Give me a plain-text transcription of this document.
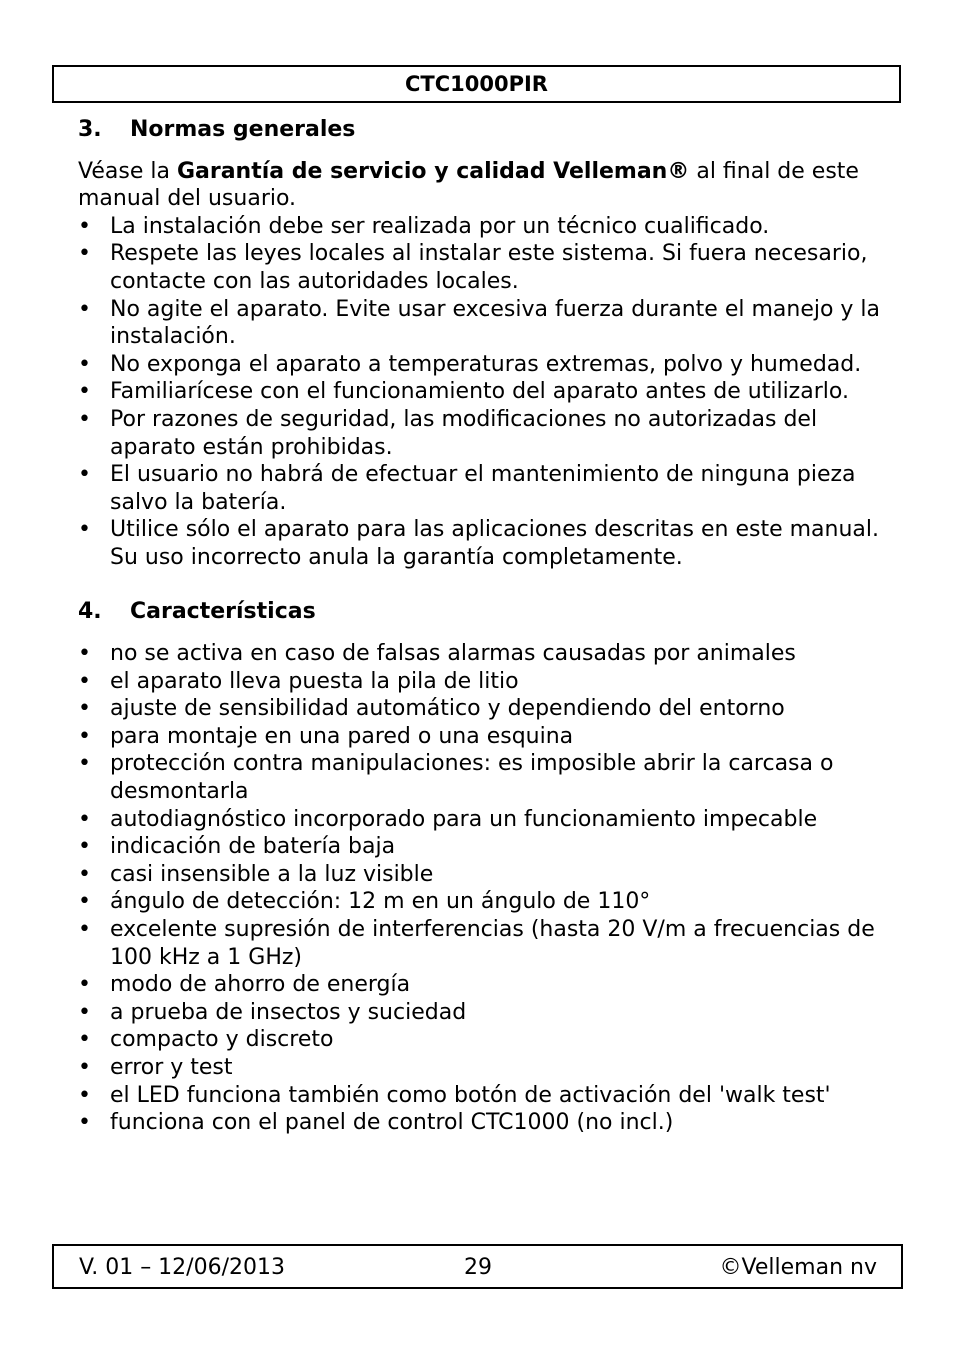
CTC1000PIR
3.	Normas generales

Véase la Garantía de servicio y calidad Velleman® al final de este manual del usuario.

• La instalación debe ser realizada por un técnico cualificado.
• Respete las leyes locales al instalar este sistema. Si fuera necesario, contacte con las autoridades locales.
• No agite el aparato. Evite usar excesiva fuerza durante el manejo y la instalación.
• No exponga el aparato a temperaturas extremas, polvo y humedad.
• Familiarícese con el funcionamiento del aparato antes de utilizarlo.
• Por razones de seguridad, las modificaciones no autorizadas del aparato están prohibidas.
• El usuario no habrá de efectuar el mantenimiento de ninguna pieza salvo la batería.
• Utilice sólo el aparato para las aplicaciones descritas en este manual. Su uso incorrecto anula la garantía completamente.
4.	Características
• no se activa en caso de falsas alarmas causadas por animales
• el aparato lleva puesta la pila de litio
• ajuste de sensibilidad automático y dependiendo del entorno
• para montaje en una pared o una esquina
• protección contra manipulaciones: es imposible abrir la carcasa o desmontarla
• autodiagnóstico incorporado para un funcionamiento impecable
• indicación de batería baja
• casi insensible a la luz visible
• ángulo de detección: 12 m en un ángulo de 110°
• excelente supresión de interferencias (hasta 20 V/m a frecuencias de 100 kHz a 1 GHz)
• modo de ahorro de energía
• a prueba de insectos y suciedad
• compacto y discreto
• error y test
• el LED funciona también como botón de activación del 'walk test'
• funciona con el panel de control CTC1000 (no incl.)
V. 01 – 12/06/2013	29	©Velleman nv
